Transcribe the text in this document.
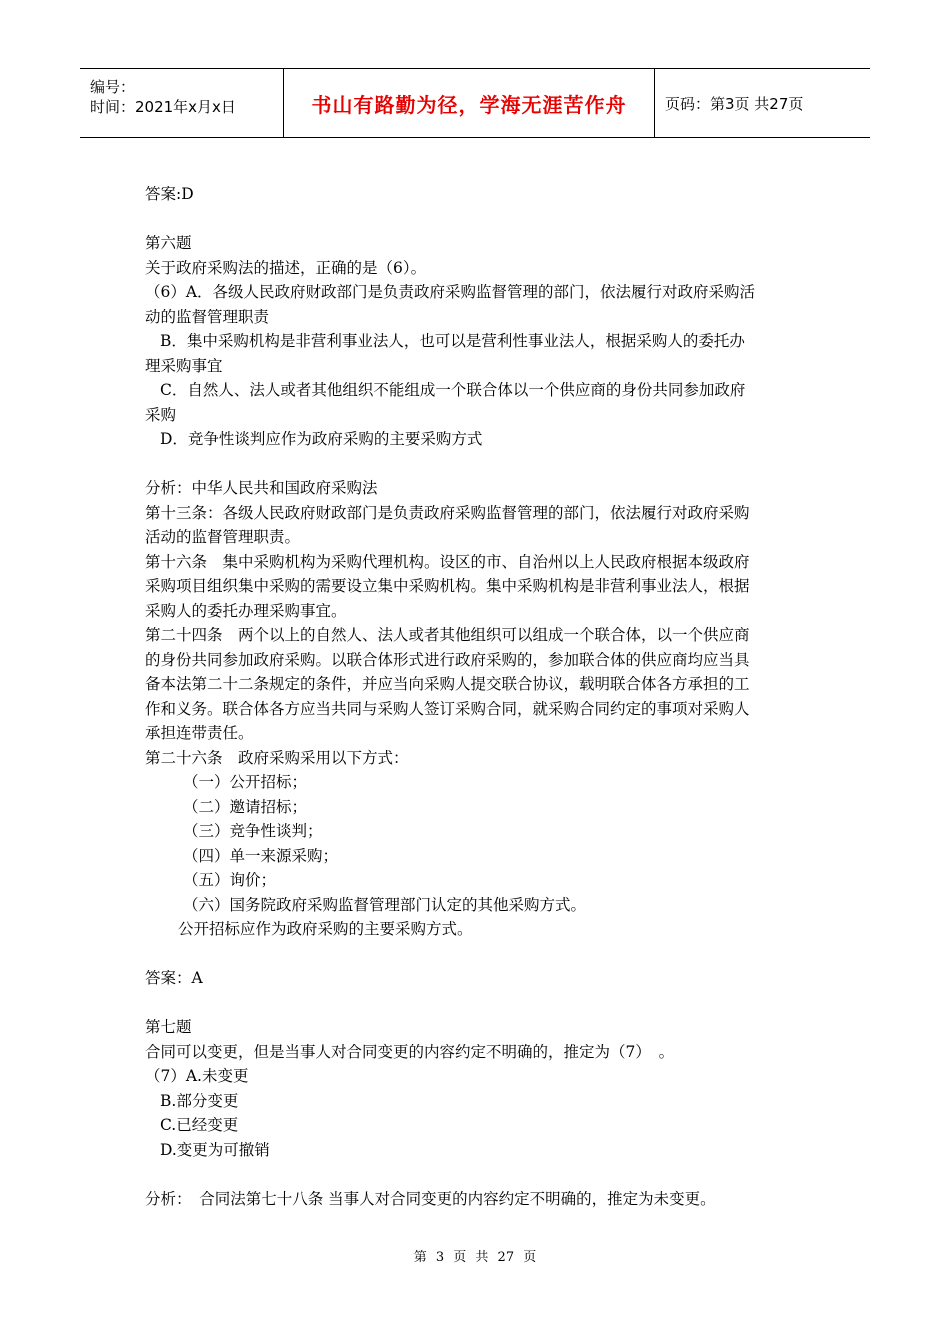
编号：
时间：2021年x月x日	书山有路勤为径，学海无涯苦作舟	页码：第3页 共27页
答案:D
第六题
关于政府采购法的描述，正确的是（6）。
（6）A．各级人民政府财政部门是负责政府采购监督管理的部门，依法履行对政府采购活
动的监督管理职责
B．集中采购机构是非营利事业法人，也可以是营利性事业法人，根据采购人的委托办
理采购事宜
C．自然人、法人或者其他组织不能组成一个联合体以一个供应商的身份共同参加政府
采购
D．竞争性谈判应作为政府采购的主要采购方式
分析：中华人民共和国政府采购法
第十三条：各级人民政府财政部门是负责政府采购监督管理的部门，依法履行对政府采购
活动的监督管理职责。
第十六条　集中采购机构为采购代理机构。设区的市、自治州以上人民政府根据本级政府
采购项目组织集中采购的需要设立集中采购机构。集中采购机构是非营利事业法人，根据
采购人的委托办理采购事宜。
第二十四条　两个以上的自然人、法人或者其他组织可以组成一个联合体，以一个供应商
的身份共同参加政府采购。以联合体形式进行政府采购的，参加联合体的供应商均应当具
备本法第二十二条规定的条件，并应当向采购人提交联合协议，载明联合体各方承担的工
作和义务。联合体各方应当共同与采购人签订采购合同，就采购合同约定的事项对采购人
承担连带责任。
第二十六条　政府采购采用以下方式：
（一）公开招标；
（二）邀请招标；
（三）竞争性谈判；
（四）单一来源采购；
（五）询价；
（六）国务院政府采购监督管理部门认定的其他采购方式。
公开招标应作为政府采购的主要采购方式。
答案：A
第七题
合同可以变更，但是当事人对合同变更的内容约定不明确的，推定为（7）　。
（7）A.未变更
B.部分变更
C.已经变更
D.变更为可撤销
分析：　合同法第七十八条 当事人对合同变更的内容约定不明确的，推定为未变更。
第 3 页 共 27 页
